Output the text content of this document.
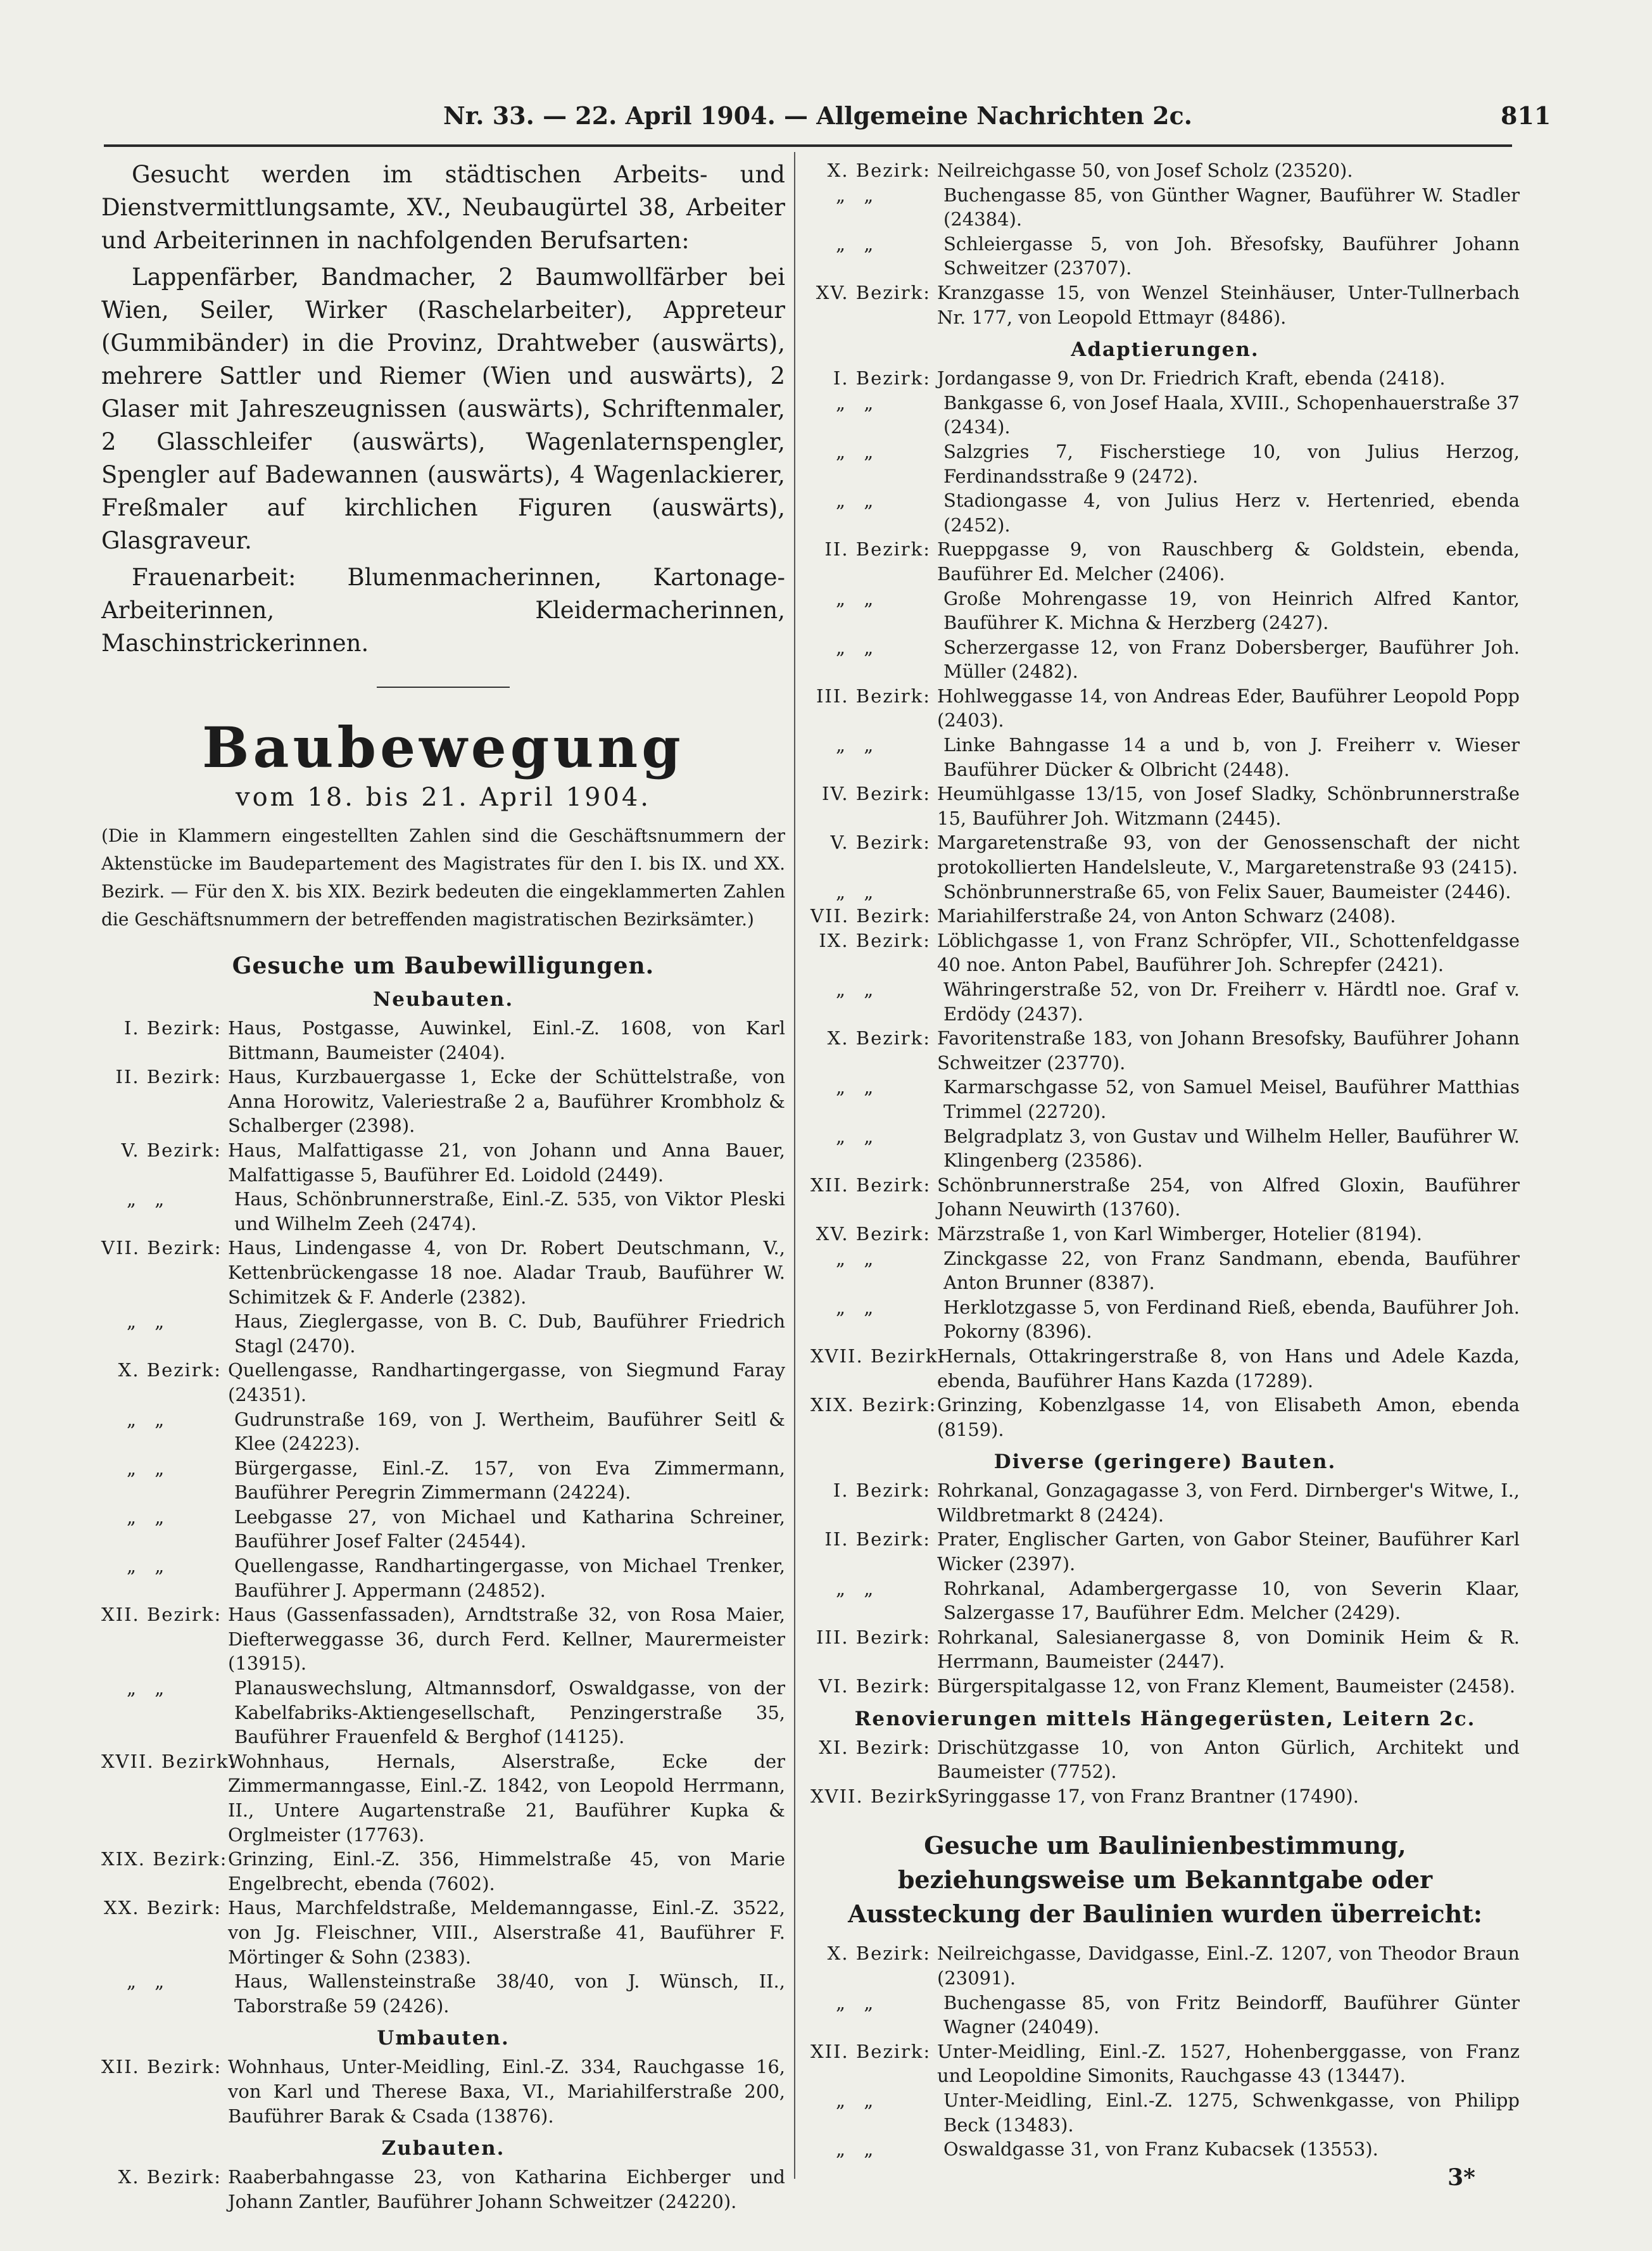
Nr. 33. — 22. April 1904. — Allgemeine Nachrichten 2c.	811

Gesucht werden im städtischen Arbeits- und Dienstvermittlungsamte, XV., Neubaugürtel 38, Arbeiter und Arbeiterinnen in nachfolgenden Berufsarten:

Lappenfärber, Bandmacher, 2 Baumwollfärber bei Wien, Seiler, Wirker (Raschelarbeiter), Appreteur (Gummibänder) in die Provinz, Drahtweber (auswärts), mehrere Sattler und Riemer (Wien und auswärts), 2 Glaser mit Jahreszeugnissen (auswärts), Schriftenmaler, 2 Glasschleifer (auswärts), Wagenlaternspengler, Spengler auf Badewannen (auswärts), 4 Wagenlackierer, Freßmaler auf kirchlichen Figuren (auswärts), Glasgraveur.

Frauenarbeit: Blumenmacherinnen, Kartonage-Arbeiterinnen, Kleidermacherinnen, Maschinstrickerinnen.

Baubewegung
vom 18. bis 21. April 1904.
(Die in Klammern eingestellten Zahlen sind die Geschäftsnummern der Aktenstücke im Baudepartement des Magistrates für den I. bis IX. und XX. Bezirk. — Für den X. bis XIX. Bezirk bedeuten die eingeklammerten Zahlen die Geschäftsnummern der betreffenden magistratischen Bezirksämter.)
Gesuche um Baubewilligungen.
Neubauten.
I. Bezirk: Haus, Postgasse, Auwinkel, Einl.-Z. 1608, von Karl Bittmann, Baumeister (2404).
II. Bezirk: Haus, Kurzbauergasse 1, Ecke der Schüttelstraße, von Anna Horowitz, Valeriestraße 2 a, Bauführer Krombholz & Schalberger (2398).
V. Bezirk: Haus, Malfattigasse 21, von Johann und Anna Bauer, Malfattigasse 5, Bauführer Ed. Loidold (2449).
„ „	Haus, Schönbrunnerstraße, Einl.-Z. 535, von Viktor Pleski und Wilhelm Zeeh (2474).
VII. Bezirk: Haus, Lindengasse 4, von Dr. Robert Deutschmann, V., Kettenbrückengasse 18 noe. Aladar Traub, Bauführer W. Schimitzek & F. Anderle (2382).
„ „	Haus, Zieglergasse, von B. C. Dub, Bauführer Friedrich Stagl (2470).
X. Bezirk: Quellengasse, Randhartingergasse, von Siegmund Faray (24351).
„ „	Gudrunstraße 169, von J. Wertheim, Bauführer Seitl & Klee (24223).
„ „	Bürgergasse, Einl.-Z. 157, von Eva Zimmermann, Bauführer Peregrin Zimmermann (24224).
„ „	Leebgasse 27, von Michael und Katharina Schreiner, Bauführer Josef Falter (24544).
„ „	Quellengasse, Randhartingergasse, von Michael Trenker, Bauführer J. Appermann (24852).
XII. Bezirk: Haus (Gassenfassaden), Arndtstraße 32, von Rosa Maier, Diefterweggasse 36, durch Ferd. Kellner, Maurermeister (13915).
„ „	Planauswechslung, Altmannsdorf, Oswaldgasse, von der Kabelfabriks-Aktiengesellschaft, Penzingerstraße 35, Bauführer Frauenfeld & Berghof (14125).
XVII. Bezirk:
Wohnhaus, Hernals, Alserstraße, Ecke der Zimmermanngasse, Einl.-Z. 1842, von Leopold Herrmann, II., Untere Augartenstraße 21, Bauführer Kupka & Orglmeister (17763).
XIX. Bezirk: Grinzing, Einl.-Z. 356, Himmelstraße 45, von Marie Engelbrecht, ebenda (7602).
XX. Bezirk: Haus, Marchfeldstraße, Meldemanngasse, Einl.-Z. 3522, von Jg. Fleischner, VIII., Alserstraße 41, Bauführer F. Mörtinger & Sohn (2383).
„ „	Haus, Wallensteinstraße 38/40, von J. Wünsch, II., Taborstraße 59 (2426).
Umbauten.
XII. Bezirk: Wohnhaus, Unter-Meidling, Einl.-Z. 334, Rauchgasse 16, von Karl und Therese Baxa, VI., Mariahilferstraße 200, Bauführer Barak & Csada (13876).
Zubauten.
X. Bezirk: Raaberbahngasse 23, von Katharina Eichberger und Johann Zantler, Bauführer Johann Schweitzer (24220).
X. Bezirk: Neilreichgasse 50, von Josef Scholz (23520).
„ „	Buchengasse 85, von Günther Wagner, Bauführer W. Stadler (24384).
„ „	Schleiergasse 5, von Joh. Břesofsky, Bauführer Johann Schweitzer (23707).
XV. Bezirk: Kranzgasse 15, von Wenzel Steinhäuser, Unter-Tullnerbach Nr. 177, von Leopold Ettmayr (8486).
Adaptierungen.
I. Bezirk: Jordangasse 9, von Dr. Friedrich Kraft, ebenda (2418).
„ „	Bankgasse 6, von Josef Haala, XVIII., Schopenhauerstraße 37 (2434).
„ „	Salzgries 7, Fischerstiege 10, von Julius Herzog, Ferdinandsstraße 9 (2472).
„ „	Stadiongasse 4, von Julius Herz v. Hertenried, ebenda (2452).
II. Bezirk: Rueppgasse 9, von Rauschberg & Goldstein, ebenda, Bauführer Ed. Melcher (2406).
„ „	Große Mohrengasse 19, von Heinrich Alfred Kantor, Bauführer K. Michna & Herzberg (2427).
„ „	Scherzergasse 12, von Franz Dobersberger, Bauführer Joh. Müller (2482).
III. Bezirk: Hohlweggasse 14, von Andreas Eder, Bauführer Leopold Popp (2403).
„ „	Linke Bahngasse 14 a und b, von J. Freiherr v. Wieser Bauführer Dücker & Olbricht (2448).
IV. Bezirk: Heumühlgasse 13/15, von Josef Sladky, Schönbrunnerstraße 15, Bauführer Joh. Witzmann (2445).
V. Bezirk: Margaretenstraße 93, von der Genossenschaft der nicht protokollierten Handelsleute, V., Margaretenstraße 93 (2415).
„ „	Schönbrunnerstraße 65, von Felix Sauer, Baumeister (2446).
VII. Bezirk: Mariahilferstraße 24, von Anton Schwarz (2408).
IX. Bezirk: Löblichgasse 1, von Franz Schröpfer, VII., Schottenfeldgasse 40 noe. Anton Pabel, Bauführer Joh. Schrepfer (2421).
„ „	Währingerstraße 52, von Dr. Freiherr v. Härdtl noe. Graf v. Erdödy (2437).
X. Bezirk: Favoritenstraße 183, von Johann Bresofsky, Bauführer Johann Schweitzer (23770).
„ „	Karmarschgasse 52, von Samuel Meisel, Bauführer Matthias Trimmel (22720).
„ „	Belgradplatz 3, von Gustav und Wilhelm Heller, Bauführer W. Klingenberg (23586).
XII. Bezirk: Schönbrunnerstraße 254, von Alfred Gloxin, Bauführer Johann Neuwirth (13760).
XV. Bezirk: Märzstraße 1, von Karl Wimberger, Hotelier (8194).
„ „	Zinckgasse 22, von Franz Sandmann, ebenda, Bauführer Anton Brunner (8387).
„ „	Herklotzgasse 5, von Ferdinand Rieß, ebenda, Bauführer Joh. Pokorny (8396).
XVII. Bezirk:
Hernals, Ottakringerstraße 8, von Hans und Adele Kazda, ebenda, Bauführer Hans Kazda (17289).
XIX. Bezirk: Grinzing, Kobenzlgasse 14, von Elisabeth Amon, ebenda (8159).
Diverse (geringere) Bauten.
I. Bezirk: Rohrkanal, Gonzagagasse 3, von Ferd. Dirnberger's Witwe, I., Wildbretmarkt 8 (2424).
II. Bezirk: Prater, Englischer Garten, von Gabor Steiner, Bauführer Karl Wicker (2397).
„ „	Rohrkanal, Adambergergasse 10, von Severin Klaar, Salzergasse 17, Bauführer Edm. Melcher (2429).
III. Bezirk: Rohrkanal, Salesianergasse 8, von Dominik Heim & R. Herrmann, Baumeister (2447).
VI. Bezirk: Bürgerspitalgasse 12, von Franz Klement, Baumeister (2458).
Renovierungen mittels Hängegerüsten, Leitern 2c.
XI. Bezirk: Drischützgasse 10, von Anton Gürlich, Architekt und Baumeister (7752).
XVII. Bezirk:
Syringgasse 17, von Franz Brantner (17490).
Gesuche um Baulinienbestimmung, beziehungsweise um Bekanntgabe oder Aussteckung der Baulinien wurden überreicht:
X. Bezirk: Neilreichgasse, Davidgasse, Einl.-Z. 1207, von Theodor Braun (23091).
„ „	Buchengasse 85, von Fritz Beindorff, Bauführer Günter Wagner (24049).
XII. Bezirk: Unter-Meidling, Einl.-Z. 1527, Hohenberggasse, von Franz und Leopoldine Simonits, Rauchgasse 43 (13447).
„ „	Unter-Meidling, Einl.-Z. 1275, Schwenkgasse, von Philipp Beck (13483).
„ „	Oswaldgasse 31, von Franz Kubacsek (13553).
3*
